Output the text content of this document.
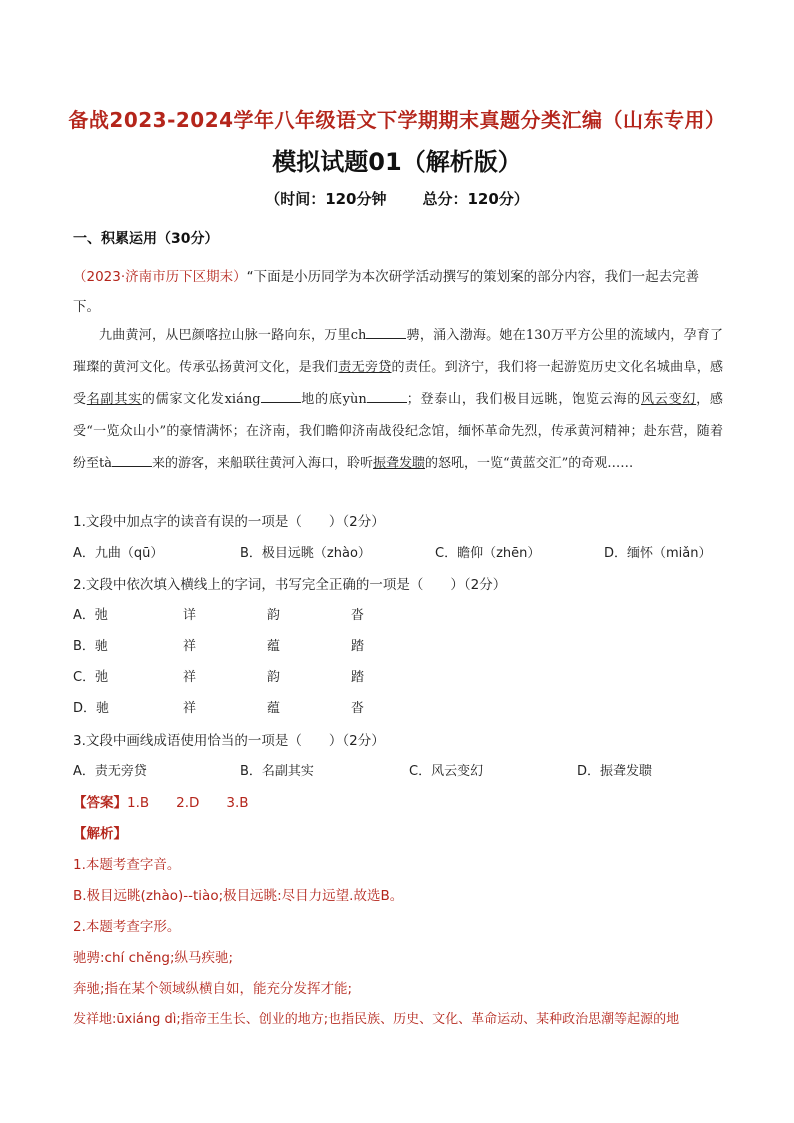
备战2023-2024学年八年级语文下学期期末真题分类汇编（山东专用）
模拟试题01（解析版）
（时间：120分钟 总分：120分）
一、积累运用（30分）
（2023·济南市历下区期末）“下面是小历同学为本次研学活动撰写的策划案的部分内容，我们一起去完善下。
九曲黄河，从巴颜喀拉山脉一路向东，万里ch	骋，涌入渤海。她在130万平方公里的流域内，孕育了璀璨的黄河文化。传承弘扬黄河文化，是我们责无旁贷的责任。到济宁，我们将一起游览历史文化名城曲阜，感受名副其实的儒家文化发xiáng	地的底yùn	；登泰山，我们极目远眺，饱览云海的风云变幻，感受“一览众山小”的豪情满怀；在济南，我们瞻仰济南战役纪念馆，缅怀革命先烈，传承黄河精神；赴东营，随着纷至tà	来的游客，来船联往黄河入海口，聆听振聋发聩的怒吼，一览“黄蓝交汇”的奇观……
1.文段中加点字的读音有误的一项是（　　）（2分）
A．九曲（qū）	B．极目远眺（zhào）	C．瞻仰（zhēn）	D．缅怀（miǎn）
2.文段中依次填入横线上的字词，书写完全正确的一项是（　　）（2分）
A．弛	详	韵	沓
B．驰	祥	蕴	踏
C．弛	祥	韵	踏
D．驰	祥	蕴	沓
3.文段中画线成语使用恰当的一项是（　　）（2分）
A．责无旁贷	B．名副其实	C．风云变幻	D．振聋发聩
【答案】1.B　　2.D　　3.B
【解析】
1.本题考查字音。
B.极目远眺(zhào)--tiào;极目远眺:尽目力远望.故选B。
2.本题考查字形。
驰骋:chí chěng;纵马疾驰;
奔驰;指在某个领域纵横自如，能充分发挥才能;
发祥地:ūxiáng dì;指帝王生长、创业的地方;也指民族、历史、文化、革命运动、某种政治思潮等起源的地
